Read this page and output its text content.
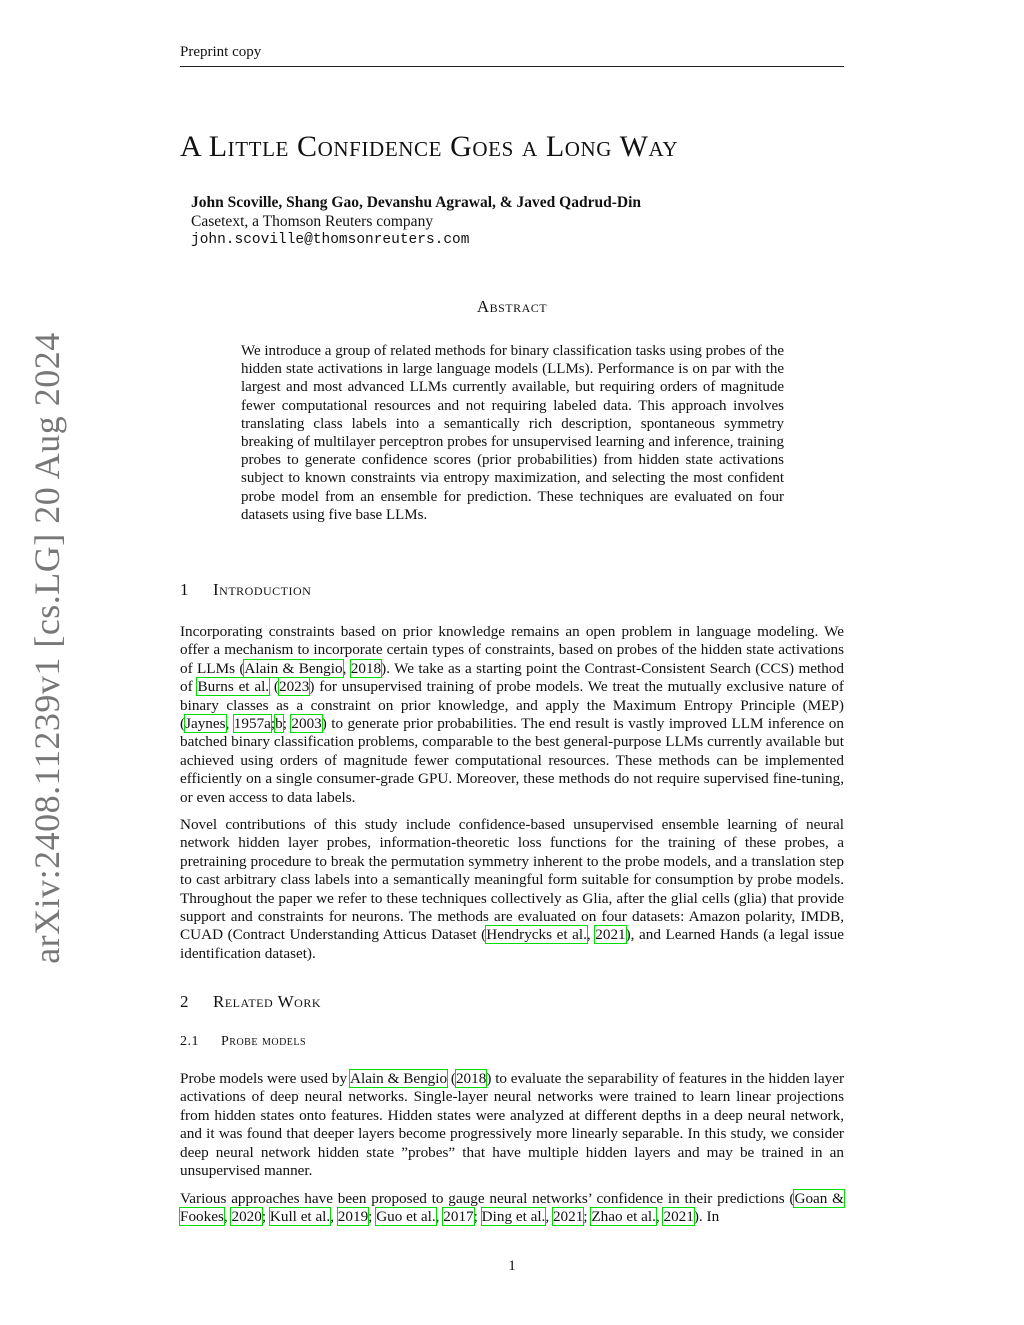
Preprint copy
arXiv:2408.11239v1 [cs.LG] 20 Aug 2024
A Little Confidence Goes a Long Way
John Scoville, Shang Gao, Devanshu Agrawal, & Javed Qadrud-Din
Casetext, a Thomson Reuters company
john.scoville@thomsonreuters.com
Abstract
We introduce a group of related methods for binary classification tasks using probes of the hidden state activations in large language models (LLMs). Performance is on par with the largest and most advanced LLMs currently available, but requiring orders of magnitude fewer computational resources and not requiring labeled data. This approach involves translating class labels into a semantically rich description, spontaneous symmetry breaking of multilayer perceptron probes for unsupervised learning and inference, training probes to generate confidence scores (prior probabilities) from hidden state activations subject to known constraints via entropy maximization, and selecting the most confident probe model from an ensemble for prediction. These techniques are evaluated on four datasets using five base LLMs.
1 Introduction
Incorporating constraints based on prior knowledge remains an open problem in language modeling. We offer a mechanism to incorporate certain types of constraints, based on probes of the hidden state activations of LLMs (Alain & Bengio, 2018). We take as a starting point the Contrast-Consistent Search (CCS) method of Burns et al. (2023) for unsupervised training of probe models. We treat the mutually exclusive nature of binary classes as a constraint on prior knowledge, and apply the Maximum Entropy Principle (MEP) (Jaynes, 1957a;b; 2003) to generate prior probabilities. The end result is vastly improved LLM inference on batched binary classification problems, comparable to the best general-purpose LLMs currently available but achieved using orders of magnitude fewer computational resources. These methods can be implemented efficiently on a single consumer-grade GPU. Moreover, these methods do not require supervised fine-tuning, or even access to data labels.
Novel contributions of this study include confidence-based unsupervised ensemble learning of neural network hidden layer probes, information-theoretic loss functions for the training of these probes, a pretraining procedure to break the permutation symmetry inherent to the probe models, and a translation step to cast arbitrary class labels into a semantically meaningful form suitable for consumption by probe models. Throughout the paper we refer to these techniques collectively as Glia, after the glial cells (glia) that provide support and constraints for neurons. The methods are evaluated on four datasets: Amazon polarity, IMDB, CUAD (Contract Understanding Atticus Dataset (Hendrycks et al., 2021), and Learned Hands (a legal issue identification dataset).
2 Related Work
2.1 Probe models
Probe models were used by Alain & Bengio (2018) to evaluate the separability of features in the hidden layer activations of deep neural networks. Single-layer neural networks were trained to learn linear projections from hidden states onto features. Hidden states were analyzed at different depths in a deep neural network, and it was found that deeper layers become progressively more linearly separable. In this study, we consider deep neural network hidden state ”probes” that have multiple hidden layers and may be trained in an unsupervised manner.
Various approaches have been proposed to gauge neural networks’ confidence in their predictions (Goan & Fookes, 2020; Kull et al., 2019; Guo et al., 2017; Ding et al., 2021; Zhao et al., 2021). In
1
